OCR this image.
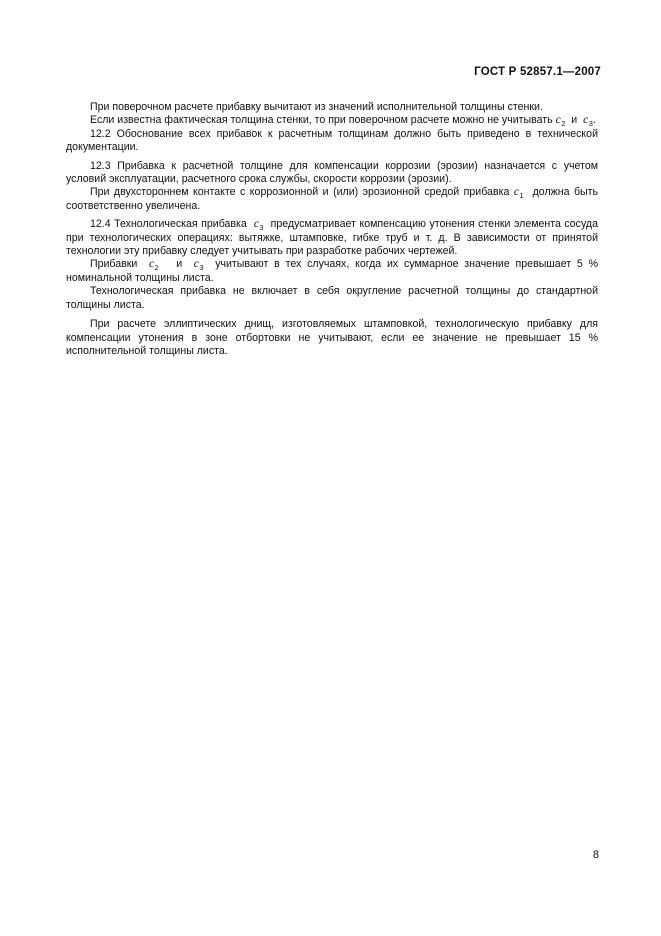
ГОСТ Р 52857.1—2007

При поверочном расчете прибавку вычитают из значений исполнительной толщины стенки.

Если известна фактическая толщина стенки, то при поверочном расчете можно не учитывать $c_2$ и $c_3$.

12.2 Обоснование всех прибавок к расчетным толщинам должно быть приведено в технической документации.

12.3 Прибавка к расчетной толщине для компенсации коррозии (эрозии) назначается с учетом условий эксплуатации, расчетного срока службы, скорости коррозии (эрозии).

При двухстороннем контакте с коррозионной и (или) эрозионной средой прибавка $c_1$ должна быть соответственно увеличена.

12.4 Технологическая прибавка $c_3$ предусматривает компенсацию утонения стенки элемента сосуда при технологических операциях: вытяжке, штамповке, гибке труб и т. д. В зависимости от принятой технологии эту прибавку следует учитывать при разработке рабочих чертежей.

Прибавки $c_2$ и $c_3$ учитывают в тех случаях, когда их суммарное значение превышает 5 % номинальной толщины листа.

Технологическая прибавка не включает в себя округление расчетной толщины до стандартной толщины листа.

При расчете эллиптических днищ, изготовляемых штамповкой, технологическую прибавку для компенсации утонения в зоне отбортовки не учитывают, если ее значение не превышает 15 % исполнительной толщины листа.

8
